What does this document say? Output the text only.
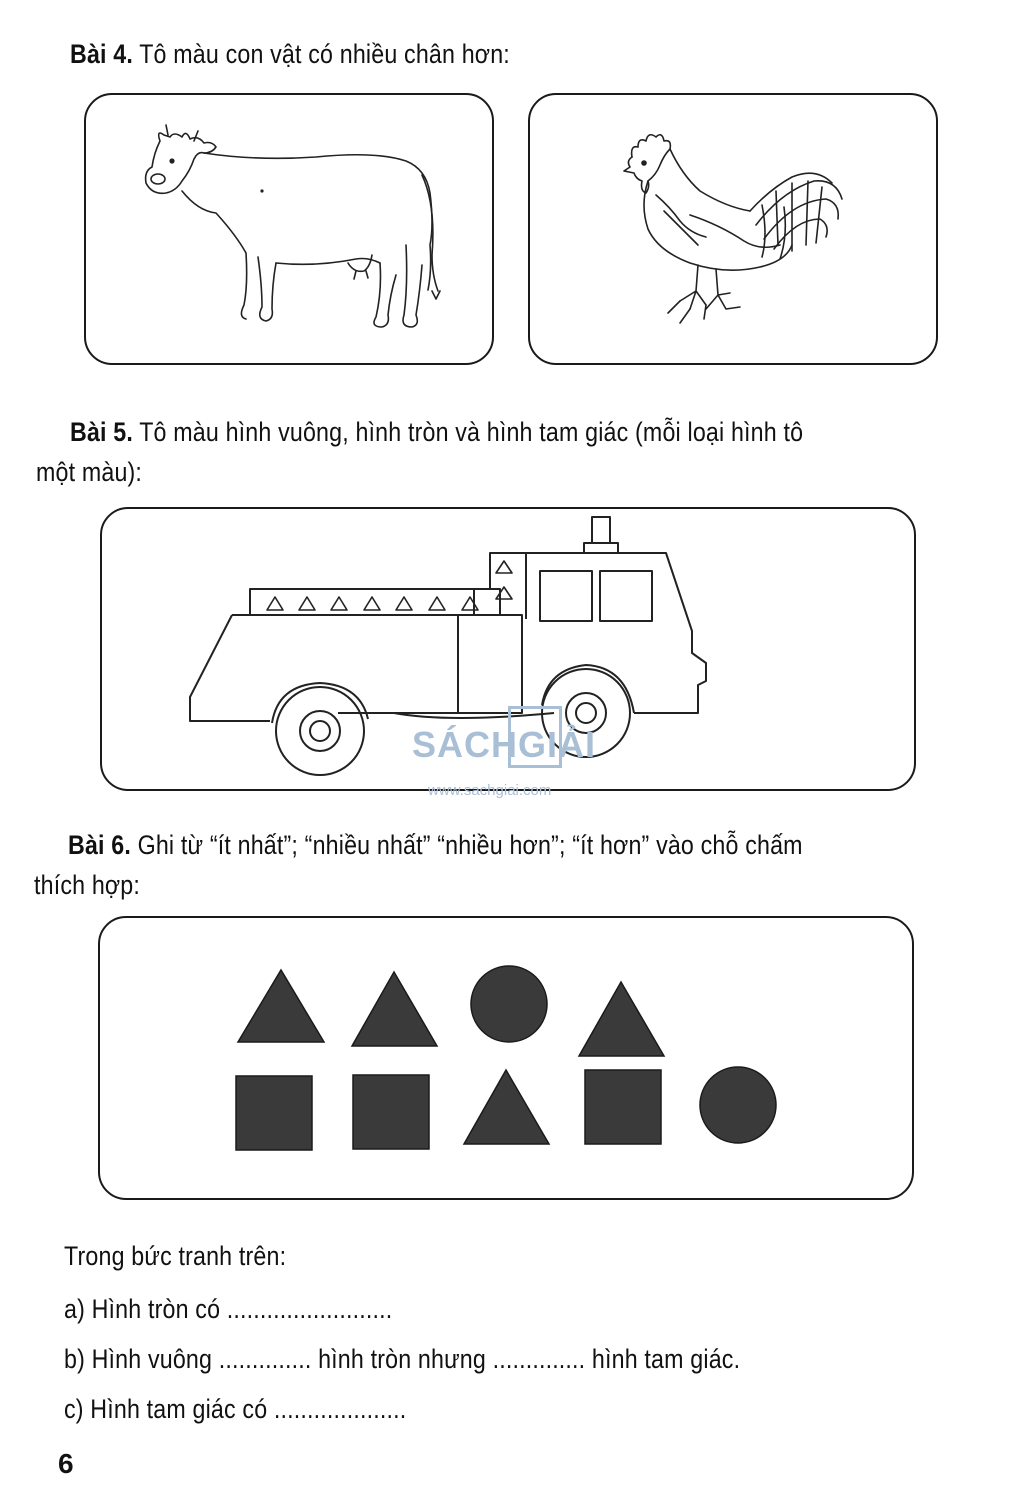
Bài 4. Tô màu con vật có nhiều chân hơn:
Bài 5. Tô màu hình vuông, hình tròn và hình tam giác (mỗi loại hình tô
một màu):
SÁCHGIẢI
www.sachgiai.com
Bài 6. Ghi từ “ít nhất”; “nhiều nhất” “nhiều hơn”; “ít hơn” vào chỗ chấm
thích hợp:
Trong bức tranh trên:
a) Hình tròn có .........................
b) Hình vuông .............. hình tròn nhưng .............. hình tam giác.
c) Hình tam giác có ....................
6
